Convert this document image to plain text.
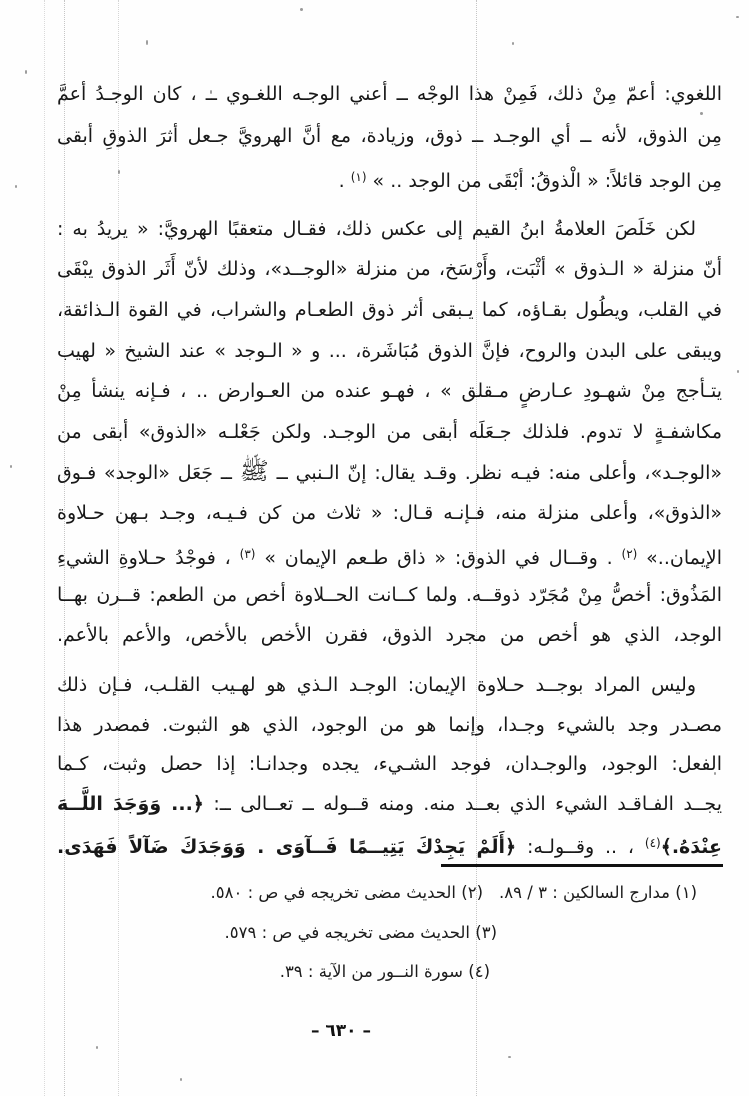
اللغوي: أعمّ مِنْ ذلك، فَمِنْ هذا الوجْه ــ أعني الوجـه اللغـوي ــ ، كان الوجـدُ أعمَّ
مِن الذوق، لأنه ــ أي الوجـد ــ ذوق، وزيادة، مع أنَّ الهرويَّ جـعل أثرَ الذوقِ أبقى
مِن الوجد قائلاً: « الْذوقُ: أبْقَى من الوجد .. » $^{(١)}$ .
لكن خَلَصَ العلامةُ ابنُ القيم إلى عكس ذلك، فقـال متعقبًا الهرويَّ: « يريدُ به :
أنّ منزلة « الـذوق » أثْبَت، وأَرْسَخ، من منزلة «الوجــد»، وذلك لأنّ أَثَر الذوق يبْقَى
في القلب، ويطُول بقـاؤه، كما يـبقى أثر ذوق الطعـام والشراب، في القوة الـذائقة،
ويبقى على البدن والروح، فإنَّ الذوق مُبَاشَرة، ... و « الـوجد » عند الشيخ « لهيب
يتـأجج مِنْ شهـودِ عـارضٍ مـقلق » ، فهـو عنده من العـوارض .. ، فـإنه ينشأ مِنْ
مكاشفـةٍ لا تدوم. فلذلك جـعَلَه أبقى من الوجـد. ولكن جَعْلـه «الذوق» أبقى من
«الوجـد»، وأعلى منه: فيـه نظر. وقـد يقال: إنّ الـنبي ــ ﷺ ــ جَعَل «الوجد» فـوق
«الذوق»، وأعلى منزلة منه، فـإنـه قـال: « ثلاث من كن فـيـه، وجـد بـهن حـلاوة
الإيمان..» $^{(٢)}$ . وقــال في الذوق: « ذاق طـعم الإيمان » $^{(٣)}$ ، فوجْدُ حـلاوةِ الشيءِ
المَذُوق: أخصُّ مِنْ مُجَرّد ذوقــه. ولما كــانت الحــلاوة أخص من الطعم: قــرن بهــا
الوجد، الذي هو أخص من مجرد الذوق، فقرن الأخص بالأخص، والأعم بالأعم.
وليس المراد بوجــد حـلاوة الإيمان: الوجـد الـذي هو لهـيب القلـب، فـإن ذلك
مصـدر وجد بالشيء وجـدا، وإنما هو من الوجود، الذي هو الثبوت. فمصدر هذا
الفعل: الوجود، والوجـدان، فوجد الشـيء، يجده وجدانـا: إذا حصل وثبت، كـما
يجــد الفـاقـد الشيء الذي بعــد منه. ومنه قــوله ــ تعــالى ــ: ﴿... وَوَجَدَ اللَّــهَ
عِنْدَهُ.﴾$^{(٤)}$ ، .. وقــولـه: ﴿أَلَمْ يَجِدْكَ يَتِيــمًا فَــآوَى . وَوَجَدَكَ ضَآلاً فَهَدَى.
(١) مدارج السالكين : ٣ / ٨٩.
(٢) الحديث مضى تخريجه في ص : ٥٨٠.
(٣) الحديث مضى تخريجه في ص : ٥٧٩.
(٤) سورة النــور من الآية : ٣٩.
– ٦٣٠ –
